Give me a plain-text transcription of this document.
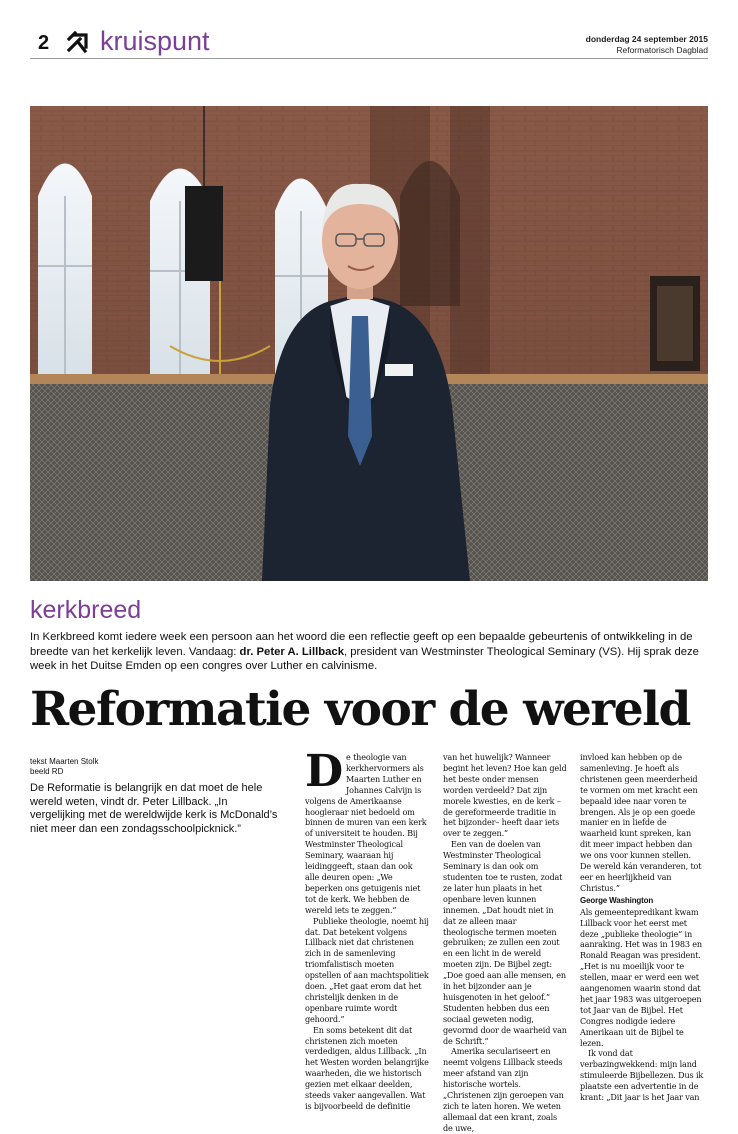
2 kruispunt	donderdag 24 september 2015
Reformatorisch Dagblad
kerkbreed
In Kerkbreed komt iedere week een persoon aan het woord die een reflectie geeft op een bepaalde gebeurtenis of ontwikkeling in de breedte van het kerkelijk leven. Vandaag: dr. Peter A. Lillback, president van Westminster Theological Seminary (VS). Hij sprak deze week in het Duitse Emden op een congres over Luther en calvinisme.
Reformatie voor de wereld
tekst Maarten Stolk
beeld RD
De Reformatie is belangrijk en dat moet de hele wereld weten, vindt dr. Peter Lillback. „In vergelijking met de wereldwijde kerk is McDonald’s niet meer dan een zondagsschoolpicknick.”

De theologie van kerkhervormers als Maarten Luther en Johannes Calvijn is volgens de Amerikaanse hoogleraar niet bedoeld om binnen de muren van een kerk of universiteit te houden. Bij Westminster Theological Seminary, waaraan hij leidinggeeft, staan dan ook alle deuren open: „We beperken ons getuigenis niet tot de kerk. We hebben de wereld iets te zeggen.”

Publieke theologie, noemt hij dat. Dat betekent volgens Lillback niet dat christenen zich in de samenleving triomfalistisch moeten opstellen of aan machtspolitiek doen. „Het gaat erom dat het christelijk denken in de openbare ruimte wordt gehoord.”

En soms betekent dit dat christenen zich moeten verdedigen, aldus Lillback. „In het Westen worden belangrijke waarheden, die we historisch gezien met elkaar deelden, steeds vaker aangevallen. Wat is bijvoorbeeld de definitie

van het huwelijk? Wanneer begint het leven? Hoe kan geld het beste onder mensen worden verdeeld? Dat zijn morele kwesties, en de kerk –de gereformeerde traditie in het bijzonder– heeft daar iets over te zeggen.”

Een van de doelen van Westminster Theological Seminary is dan ook om studenten toe te rusten, zodat ze later hun plaats in het openbare leven kunnen innemen. „Dat houdt niet in dat ze alleen maar theologische termen moeten gebruiken; ze zullen een zout en een licht in de wereld moeten zijn. De Bijbel zegt: „Doe goed aan alle mensen, en in het bijzonder aan je huisgenoten in het geloof.” Studenten hebben dus een sociaal geweten nodig, gevormd door de waarheid van de Schrift.”

Amerika seculariseert en neemt volgens Lillback steeds meer afstand van zijn historische wortels. „Christenen zijn geroepen van zich te laten horen. We weten allemaal dat een krant, zoals de uwe,

invloed kan hebben op de samenleving. Je hoeft als christenen geen meerderheid te vormen om met kracht een bepaald idee naar voren te brengen. Als je op een goede manier en in liefde de waarheid kunt spreken, kan dit meer impact hebben dan we ons voor kunnen stellen. De wereld kán veranderen, tot eer en heerlijkheid van Christus.”

George Washington

Als gemeentepredikant kwam Lillback voor het eerst met deze „publieke theologie” in aanraking. Het was in 1983 en Ronald Reagan was president. „Het is nu moeilijk voor te stellen, maar er werd een wet aangenomen waarin stond dat het jaar 1983 was uitgeroepen tot Jaar van de Bijbel. Het Congres nodigde iedere Amerikaan uit de Bijbel te lezen.

Ik vond dat verbazingwekkend: mijn land stimuleerde Bijbellezen. Dus ik plaatste een advertentie in de krant: „Dit jaar is het Jaar van
